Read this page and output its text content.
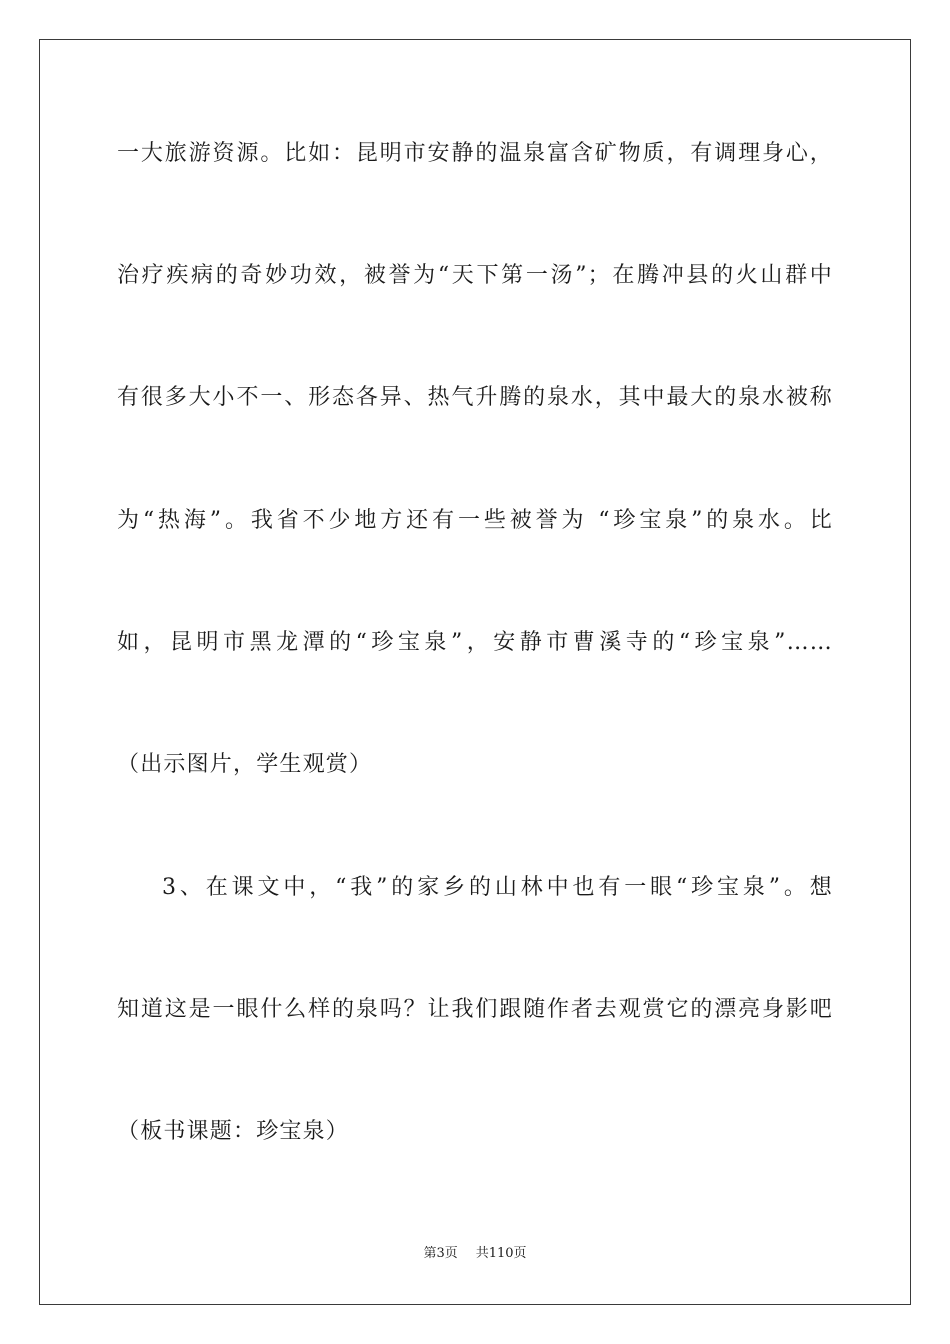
一大旅游资源。比如：昆明市安静的温泉富含矿物质，有调理身心，
治疗疾病的奇妙功效，被誉为“天下第一汤”；在腾冲县的火山群中
有很多大小不一、形态各异、热气升腾的泉水，其中最大的泉水被称
为“热海”。我省不少地方还有一些被誉为 “珍宝泉”的泉水。比
如，昆明市黑龙潭的“珍宝泉”，安静市曹溪寺的“珍宝泉”……
（出示图片，学生观赏）
3、在课文中，“我”的家乡的山林中也有一眼“珍宝泉”。想
知道这是一眼什么样的泉吗？让我们跟随作者去观赏它的漂亮身影吧
（板书课题：珍宝泉）
第3页 共110页
